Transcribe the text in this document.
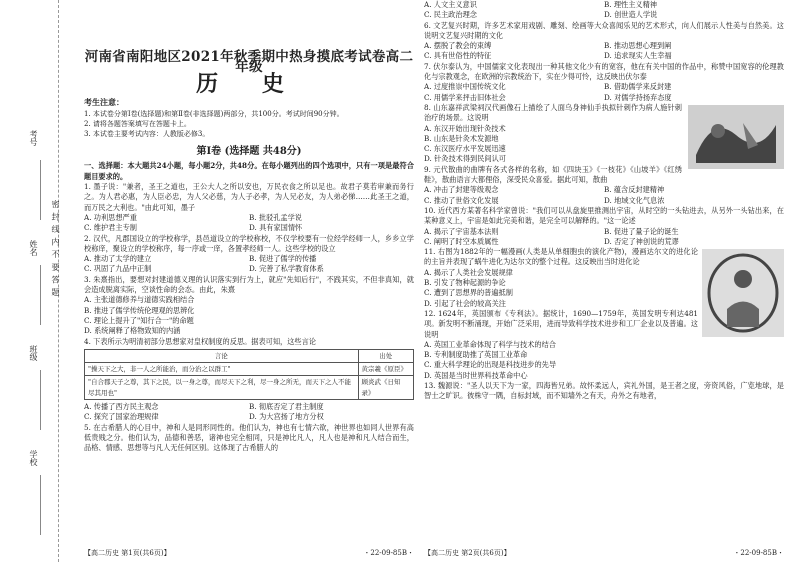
考号
姓名
班级
学校
密 封 线 内 不 要 答 题
河南省南阳地区2021年秋季期中热身摸底考试卷高二年级
历 史
考生注意：

1. 本试卷分第Ⅰ卷(选择题)和第Ⅱ卷(非选择题)两部分，共100分。考试时间90分钟。

2. 请将各题答案填写在答题卡上。

3. 本试卷主要考试内容：人教版必修3。

第Ⅰ卷 (选择题 共48分)

一、选择题：本大题共24小题，每小题2分，共48分。在每小题列出的四个选项中，只有一项是最符合题目要求的。

1. 墨子说："兼者，圣王之道也，王公大人之所以安也，万民衣食之所以足也。故君子莫若审兼而务行之。为人君必惠，为人臣必忠，为人父必慈，为人子必孝，为人兄必友，为人弟必悌……此圣王之道，而万民之大利也。"由此可知，墨子

A. 功利思想严重	B. 批驳孔孟学说
C. 维护君主专制	D. 具有家国情怀

2. 汉代，凡郡国设立的学校称学，县邑道设立的学校称校，不仅学校要有一位经学经师一人，乡乡立学校称庠，聚设立的学校称序，每一序或一庠，各置孝经师一人。这些学校的设立

A. 推动了太学的建立	B. 促进了儒学的传播
C. 巩固了九品中正制	D. 完善了私学教育体系

3. 朱熹指出，要想对封建道德义理的认识落实到行为上，就应"先知后行"，不践其实，不但非真知，就会造成脱离实际，空谈性命的会态。由此，朱熹

A. 主张道德修养与道德实践相结合
B. 推进了儒学传统伦理观的思辨化
C. 理论上提升了"知行合一"的命题
D. 系统阐释了格物致知的内涵

4. 下表所示为明清初部分思想家对皇权制度的反思。据表可知，这些言论

言论	出处
"操天下之大，非一人之所能治，而分治之以群工"	黄宗羲《原臣》
"自合郡天子之尊，其下之民，以一身之尊，而尽天下之利，尽一身之所无，而天下之人不能尽其用也"	顾炎武《日知录》
A. 传播了西方民主观念	B. 彻底否定了君主制度
C. 探究了国家治理规律	D. 为大宫扬了地方分权

5. 在古希腊人的心目中，神和人是同形同性的。他们认为，神也有七情六欲，神世界也如同人世界有高低贵贱之分。他们认为，品德和善恶，诸神也完全相同，只是神比凡人，凡人也是神和凡人结合而生，品格、情感、思想等与凡人无任何区别。这体现了古希腊人的

【高二历史 第1页(共6页)】	・22-09-85B・
A. 人文主义意识	B. 理性主义精神
C. 民主政治理念	D. 创世造人学说

6. 文艺复兴时期，许多艺术家用戏剧、雕刻、绘画等大众喜闻乐见的艺术形式，向人们展示人性美与自然美。这说明文艺复兴时期的文化

A. 摆脱了教会的束缚	B. 推动思想心理到阐
C. 具有世俗性的特征	D. 追求现实人生幸福

7. 伏尔泰认为，中国儒家文化表现出一种其他文化少有的宽容，他在有关中国的作品中，称赞中国宽容的伦理教化与宗教观念，在欧洲的宗教统治下，实在少得可怜，这反映出伏尔泰

A. 过度推崇中国传统文化	B. 借助儒学来反封建
C. 用儒学来抨击旧体社会	D. 对儒学持扬弃态度

8. 山东嘉祥武梁祠汉代画像石上描绘了人面乌身神仙手执拟针刺作为病人施针刺治疗的场景。这说明

A. 东汉开始出现针灸技术
B. 山东是针灸术发源地
C. 东汉医疗水平发展迅速
D. 针灸技术得到民间认可

9. 元代散曲的曲牌有各式各样的名称，如《四块玉》《一枝花》《山坡羊》《红绣鞋》，散曲语言大都俚俗，深受民众喜爱。据此可知，散曲

A. 冲击了封建等级观念	B. 蕴含反封建精神
C. 推动了世俗文化发展	D. 地域文化气息浓

10. 近代西方某著名科学家曾说："我们可以从盘旋里推测出宇宙，从时空的一头钻进去，从另外一头钻出来，在某种意义上，宇宙是如此完美和谐，是完全可以解释的。"这一论述

A. 揭示了宇宙基本法则	B. 促进了量子论的诞生
C. 阐明了时空本质属性	D. 否定了神创说的荒谬

11. 右图为1882年的一幅漫画(人类是从单细胞虫的演化产物)，漫画达尔文的进化论的主旨并表现了蜗牛进化为达尔文的整个过程。这反映出当时进化论

A. 揭示了人类社会发展规律
B. 引发了物种起源的争论
C. 遭到了思想界的普遍抵制
D. 引起了社会的较高关注

12. 1624年，英国颁布《专利法》。据统计，1690—1759年，英国发明专利达481项。新发明不断涌现，开始广泛采用，进而导致科学技术进步和工厂企业以及普遍。这说明

A. 英国工业革命体现了科学与技术的结合
B. 专利制度助推了英国工业革命
C. 重大科学理论的出现是科技进步的先导
D. 英国是当时世界科技革命中心

13. 魏源说："圣人以天下为一家，四海皆兄弟。故怀柔远人，宾礼外国，是王者之度，旁资风俗，广览地球，是智士之旷识。彼株守一隅，自标封域，而不知墙外之有天，舟外之有地者，

【高二历史 第2页(共6页)】	・22-09-85B・
